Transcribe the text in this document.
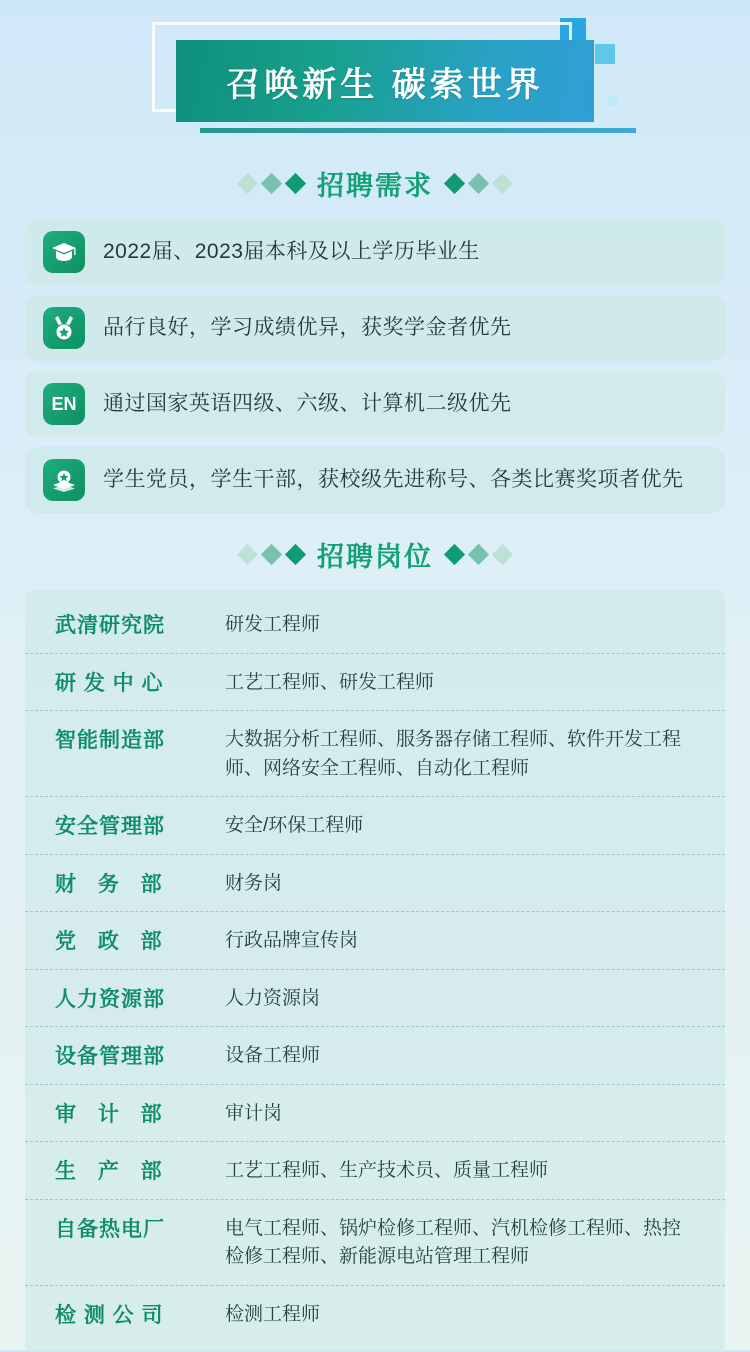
召唤新生 碳索世界
招聘需求
2022届、2023届本科及以上学历毕业生
品行良好，学习成绩优异，获奖学金者优先
EN 通过国家英语四级、六级、计算机二级优先
学生党员，学生干部，获校级先进称号、各类比赛奖项者优先
招聘岗位
武清研究院	研发工程师
研 发 中 心	工艺工程师、研发工程师
智能制造部	大数据分析工程师、服务器存储工程师、软件开发工程师、网络安全工程师、自动化工程师
安全管理部	安全/环保工程师
财 务 部	财务岗
党 政 部	行政品牌宣传岗
人力资源部	人力资源岗
设备管理部	设备工程师
审 计 部	审计岗
生 产 部	工艺工程师、生产技术员、质量工程师
自备热电厂	电气工程师、锅炉检修工程师、汽机检修工程师、热控检修工程师、新能源电站管理工程师
检 测 公 司	检测工程师
